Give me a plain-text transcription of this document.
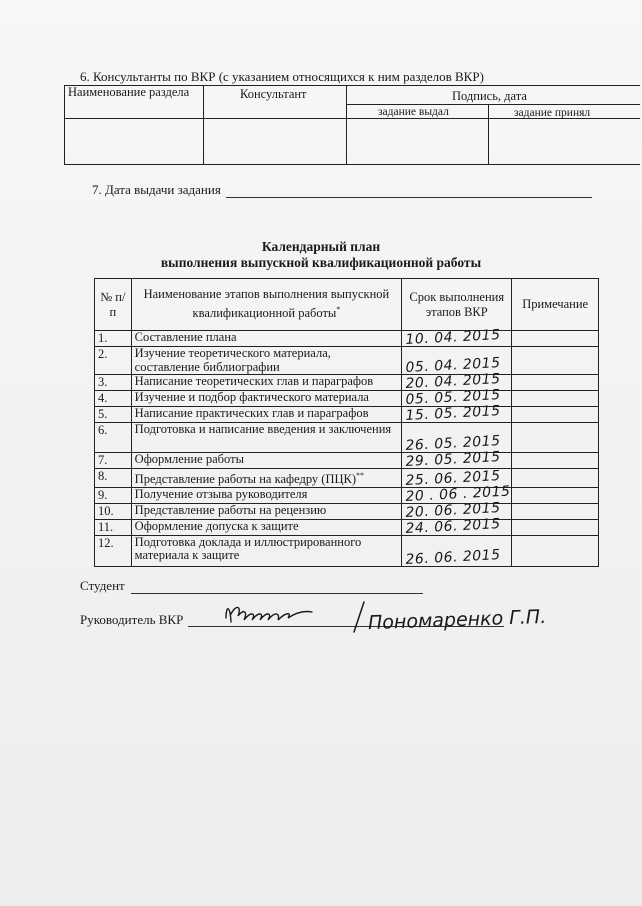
6. Консультанты по ВКР (с указанием относящихся к ним разделов ВКР)
Наименование раздела	Консультант	Подпись, дата
задание выдал	задание принял
7. Дата выдачи задания
Календарный план
выполнения выпускной квалификационной работы
№ п/п	Наименование этапов выполнения выпускной квалификационной работы*	Срок выполнения этапов ВКР	Примечание
1.	Составление плана	10. 04. 2015	

2.	Изучение теоретического материала, составление библиографии	05. 04. 2015	

3.	Написание теоретических глав и параграфов	20. 04. 2015	

4.	Изучение и подбор фактического материала	05. 05. 2015	

5.	Написание практических глав и параграфов	15. 05. 2015	

6.	Подготовка и написание введения и заключения	26. 05. 2015	

7.	Оформление работы	29. 05. 2015	

8.	Представление работы на кафедру (ПЦК)**	25. 06. 2015	

9.	Получение отзыва руководителя	20 . 06 . 2015	

10.	Представление работы на рецензию	20. 06. 2015	

11.	Оформление допуска к защите	24. 06. 2015	

12.	Подготовка доклада и иллюстрированного материала к защите	26. 06. 2015	

Студент
Руководитель ВКР	Пономаренко Г.П.
